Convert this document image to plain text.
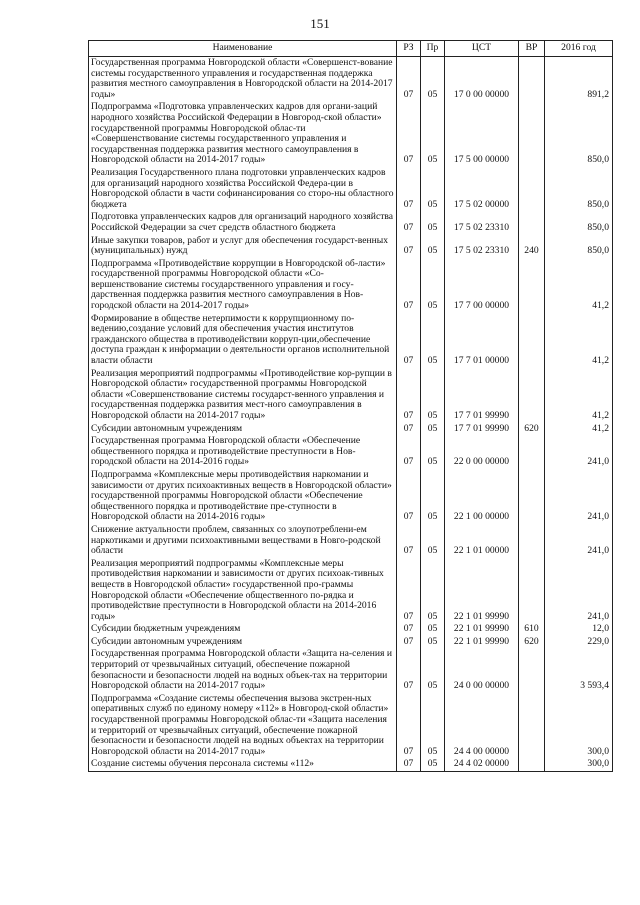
151
Наименование	РЗ	Пр	ЦСТ	ВР	2016 год
Государственная программа Новгородской области «Совершенст-вование системы государственного управления и государственная поддержка развития местного самоуправления в Новгородской области на 2014-2017 годы»	07	05	17 0 00 00000		891,2
Подпрограмма «Подготовка управленческих кадров для органи-заций народного хозяйства Российской Федерации в Новгород-ской области» государственной программы Новгородской облас-ти «Совершенствование системы государственного управления и государственная поддержка развития местного самоуправления в Новгородской области на 2014-2017 годы»	07	05	17 5 00 00000		850,0
Реализация Государственного плана подготовки управленческих кадров для организаций народного хозяйства Российской Федера-ции в Новгородской области в части софинансирования со сторо-ны областного бюджета	07	05	17 5 02 00000		850,0
Подготовка управленческих кадров для организаций народного хозяйства Российской Федерации за счет средств областного бюджета	07	05	17 5 02 23310		850,0
Иные закупки товаров, работ и услуг для обеспечения государст-венных (муниципальных) нужд	07	05	17 5 02 23310	240	850,0
Подпрограмма «Противодействие коррупции в Новгородской об-ласти» государственной программы Новгородской области «Со-вершенствование системы государственного управления и госу-дарственная поддержка развития местного самоуправления в Нов-городской области на 2014-2017 годы»	07	05	17 7 00 00000		41,2
Формирование в обществе нетерпимости к коррупционному по-ведению,создание условий для обеспечения участия институтов гражданского общества в противодействии корруп-ции,обеспечение доступа граждан к информации о деятельности органов исполнительной власти области	07	05	17 7 01 00000		41,2
Реализация мероприятий подпрограммы «Противодействие кор-рупции в Новгородской области» государственной программы Новгородской области «Совершенствование системы государст-венного управления и государственная поддержка развития мест-ного самоуправления в Новгородской области на 2014-2017 годы»	07	05	17 7 01 99990		41,2
Субсидии автономным учреждениям	07	05	17 7 01 99990	620	41,2
Государственная программа Новгородской области «Обеспечение общественного порядка и противодействие преступности в Нов-городской области на 2014-2016 годы»	07	05	22 0 00 00000		241,0
Подпрограмма «Комплексные меры противодействия наркомании и зависимости от других психоактивных веществ в Новгородской области» государственной программы Новгородской области «Обеспечение общественного порядка и противодействие пре-ступности в Новгородской области на 2014-2016 годы»	07	05	22 1 00 00000		241,0
Снижение актуальности проблем, связанных со злоупотреблени-ем наркотиками и другими психоактивными веществами в Новго-родской области	07	05	22 1 01 00000		241,0
Реализация мероприятий подпрограммы «Комплексные меры противодействия наркомании и зависимости от других психоак-тивных веществ в Новгородской области» государственной про-граммы Новгородской области «Обеспечение общественного по-рядка и противодействие преступности в Новгородской области на 2014-2016 годы»	07	05	22 1 01 99990		241,0
Субсидии бюджетным учреждениям	07	05	22 1 01 99990	610	12,0
Субсидии автономным учреждениям	07	05	22 1 01 99990	620	229,0
Государственная программа Новгородской области «Защита на-селения и территорий от чрезвычайных ситуаций, обеспечение пожарной безопасности и безопасности людей на водных объек-тах на территории Новгородской области на 2014-2017 годы»	07	05	24 0 00 00000		3 593,4
Подпрограмма «Создание системы обеспечения вызова экстрен-ных оперативных служб по единому номеру «112» в Новгород-ской области» государственной программы Новгородской облас-ти «Защита населения и территорий от чрезвычайных ситуаций, обеспечение пожарной безопасности и безопасности людей на водных объектах на территории Новгородской области на 2014-2017 годы»	07	05	24 4 00 00000		300,0
Создание системы обучения персонала системы «112»	07	05	24 4 02 00000		300,0
